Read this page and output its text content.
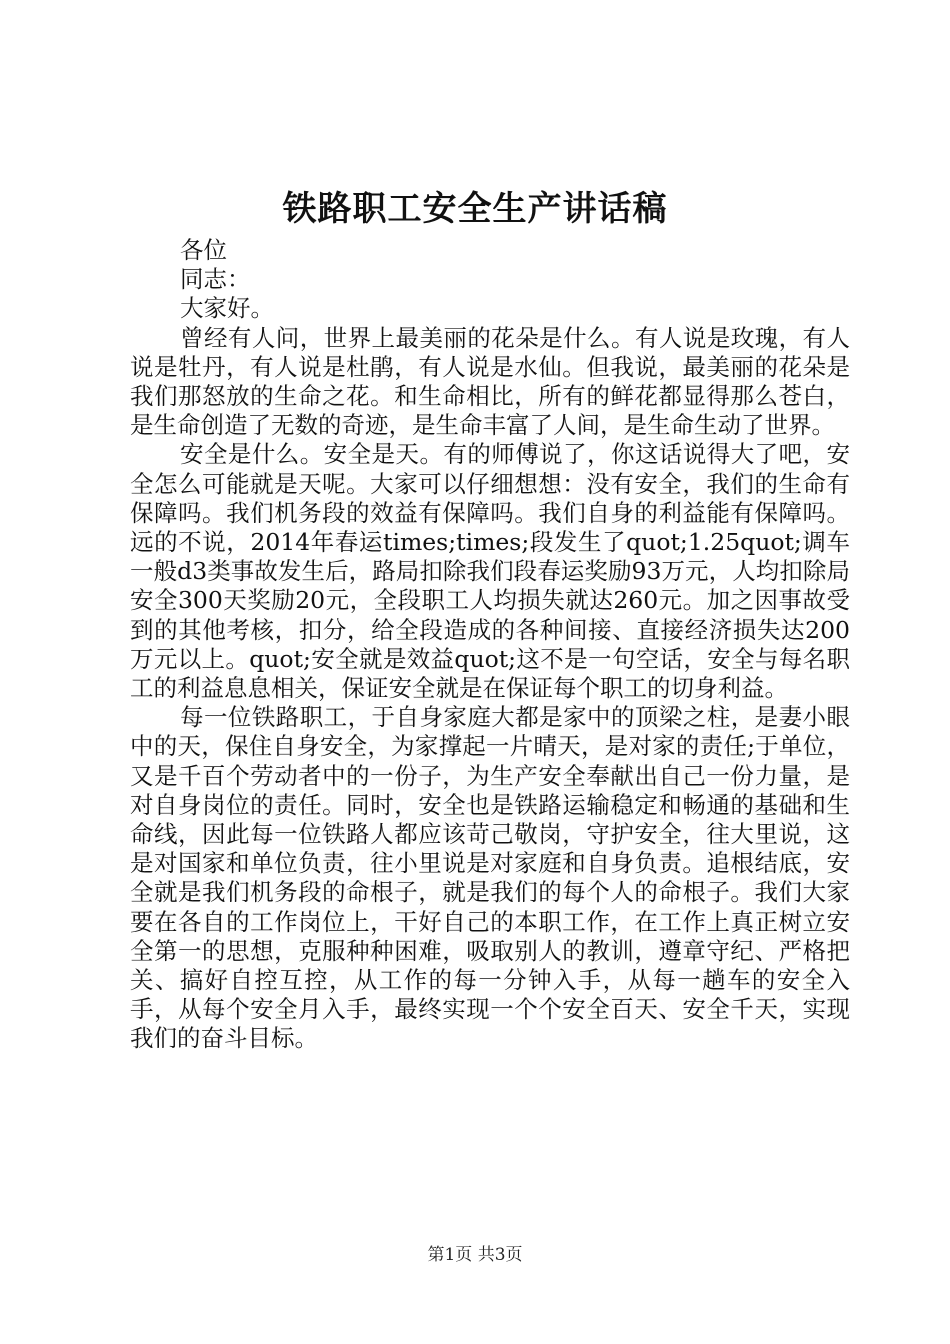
铁路职工安全生产讲话稿

各位

同志：

大家好。

曾经有人问，世界上最美丽的花朵是什么。有人说是玫瑰，有人说是牡丹，有人说是杜鹃，有人说是水仙。但我说，最美丽的花朵是我们那怒放的生命之花。和生命相比，所有的鲜花都显得那么苍白，是生命创造了无数的奇迹，是生命丰富了人间，是生命生动了世界。

安全是什么。安全是天。有的师傅说了，你这话说得大了吧，安全怎么可能就是天呢。大家可以仔细想想：没有安全，我们的生命有保障吗。我们机务段的效益有保障吗。我们自身的利益能有保障吗。远的不说，2014年春运times;times;段发生了quot;1.25quot;调车一般d3类事故发生后，路局扣除我们段春运奖励93万元，人均扣除局安全300天奖励20元，全段职工人均损失就达260元。加之因事故受到的其他考核，扣分，给全段造成的各种间接、直接经济损失达200万元以上。quot;安全就是效益quot;这不是一句空话，安全与每名职工的利益息息相关，保证安全就是在保证每个职工的切身利益。

每一位铁路职工，于自身家庭大都是家中的顶梁之柱，是妻小眼中的天，保住自身安全，为家撑起一片晴天，是对家的责任;于单位，又是千百个劳动者中的一份子，为生产安全奉献出自己一份力量，是对自身岗位的责任。同时，安全也是铁路运输稳定和畅通的基础和生命线，因此每一位铁路人都应该苛己敬岗，守护安全，往大里说，这是对国家和单位负责，往小里说是对家庭和自身负责。追根结底，安全就是我们机务段的命根子，就是我们的每个人的命根子。我们大家要在各自的工作岗位上，干好自己的本职工作，在工作上真正树立安全第一的思想，克服种种困难，吸取别人的教训，遵章守纪、严格把关、搞好自控互控，从工作的每一分钟入手，从每一趟车的安全入手，从每个安全月入手，最终实现一个个安全百天、安全千天，实现我们的奋斗目标。

第1页 共3页
